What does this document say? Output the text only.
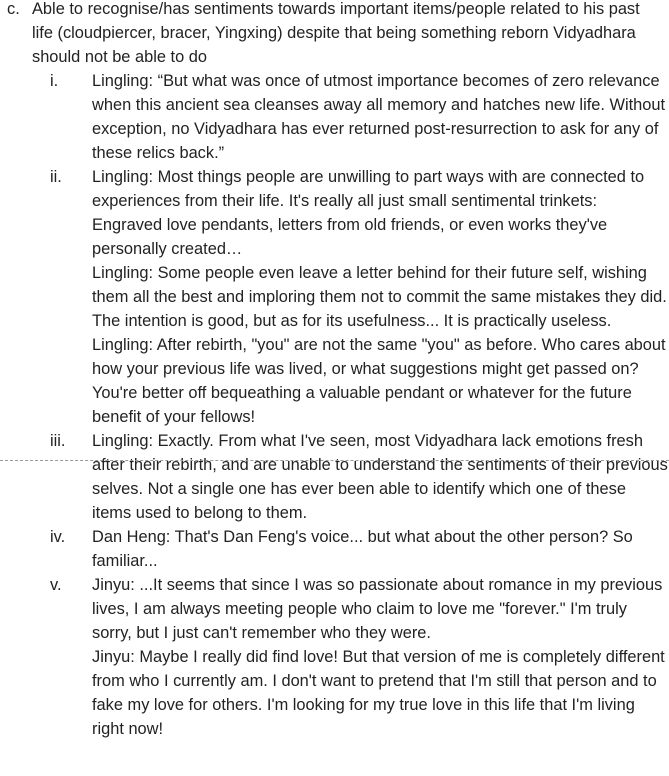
c. Able to recognise/has sentiments towards important items/people related to his past life (cloudpiercer, bracer, Yingxing) despite that being something reborn Vidyadhara should not be able to do
i. Lingling: “But what was once of utmost importance becomes of zero relevance when this ancient sea cleanses away all memory and hatches new life. Without exception, no Vidyadhara has ever returned post-resurrection to ask for any of these relics back.”
ii. Lingling: Most things people are unwilling to part ways with are connected to experiences from their life. It's really all just small sentimental trinkets: Engraved love pendants, letters from old friends, or even works they've personally created…
Lingling: Some people even leave a letter behind for their future self, wishing them all the best and imploring them not to commit the same mistakes they did. The intention is good, but as for its usefulness... It is practically useless.
Lingling: After rebirth, "you" are not the same "you" as before. Who cares about how your previous life was lived, or what suggestions might get passed on? You're better off bequeathing a valuable pendant or whatever for the future benefit of your fellows!
iii. Lingling: Exactly. From what I've seen, most Vidyadhara lack emotions fresh after their rebirth, and are unable to understand the sentiments of their previous selves. Not a single one has ever been able to identify which one of these items used to belong to them.
iv. Dan Heng: That's Dan Feng's voice... but what about the other person? So familiar...
v. Jinyu: ...It seems that since I was so passionate about romance in my previous lives, I am always meeting people who claim to love me "forever." I'm truly sorry, but I just can't remember who they were.
Jinyu: Maybe I really did find love! But that version of me is completely different from who I currently am. I don't want to pretend that I'm still that person and to fake my love for others. I'm looking for my true love in this life that I'm living right now!
